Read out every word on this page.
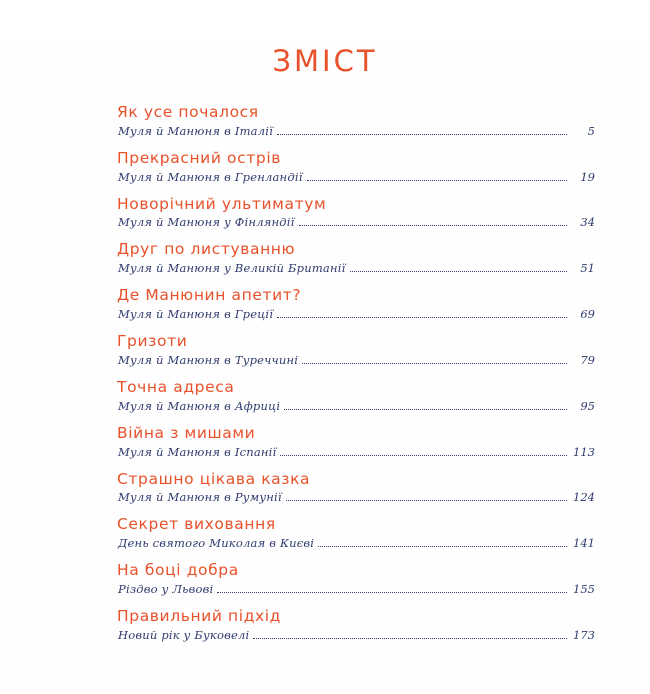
ЗМІСТ
Як усе почалося
Муля й Манюня в Італії	5
Прекрасний острів
Муля й Манюня в Гренландії	19
Новорічний ультиматум
Муля й Манюня у Фінляндії	34
Друг по листуванню
Муля й Манюня у Великій Британії	51
Де Манюнин апетит?
Муля й Манюня в Греції	69
Гризоти
Муля й Манюня в Туреччині	79
Точна адреса
Муля й Манюня в Африці	95
Війна з мишами
Муля й Манюня в Іспанії	113
Страшно цікава казка
Муля й Манюня в Румунії	124
Секрет виховання
День святого Миколая в Києві	141
На боці добра
Різдво у Львові	155
Правильний підхід
Новий рік у Буковелі	173
